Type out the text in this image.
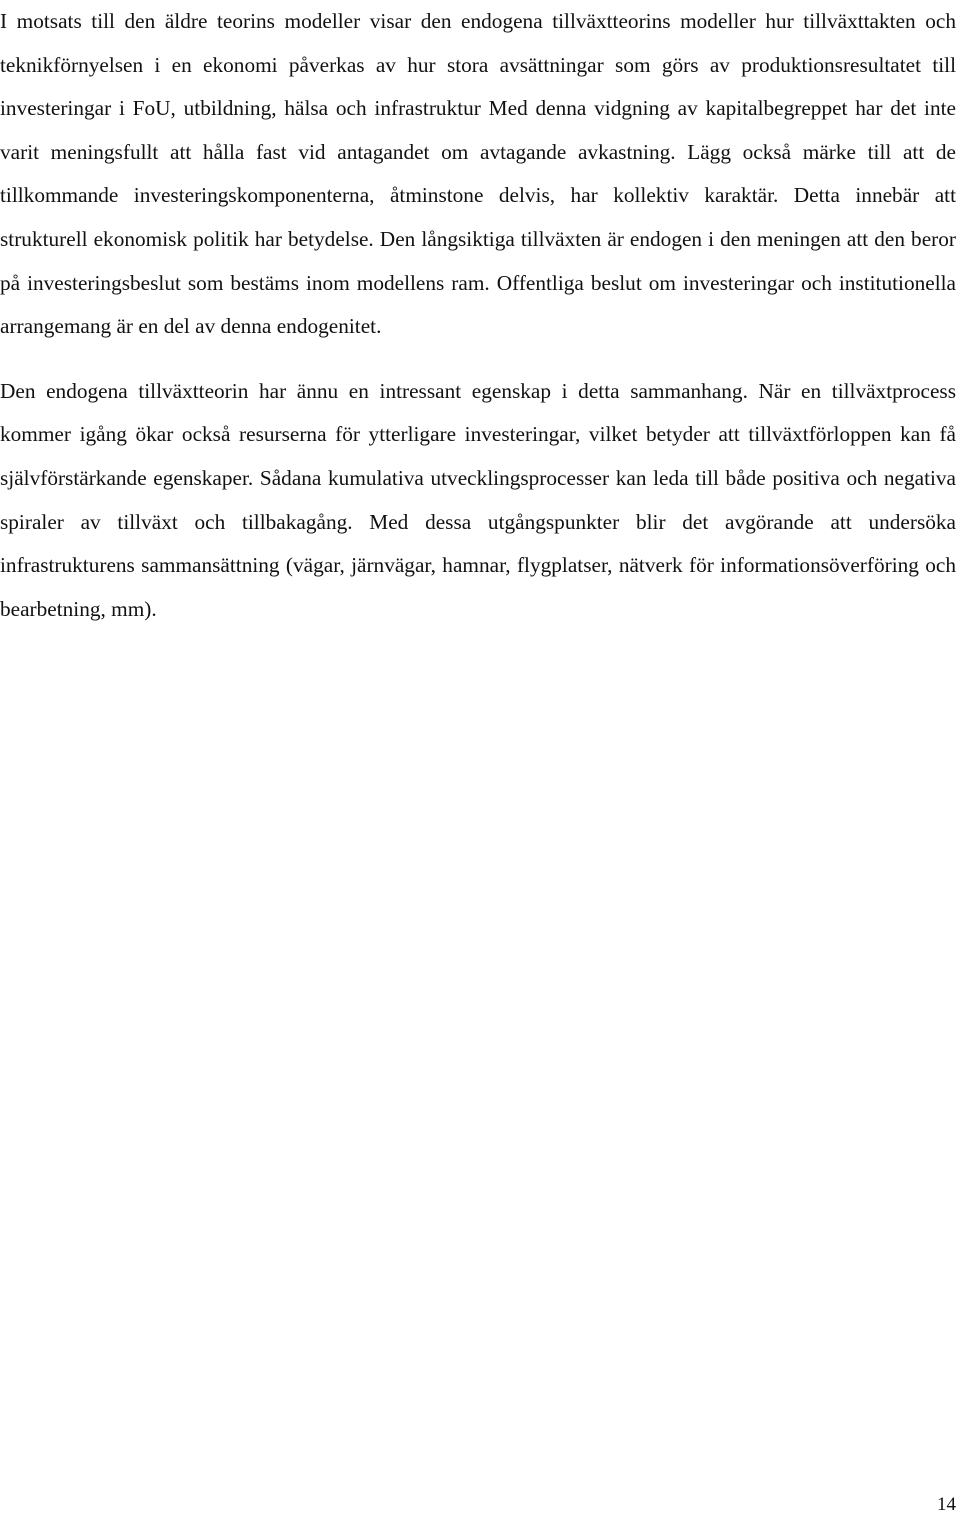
I motsats till den äldre teorins modeller visar den endogena tillväxtteorins modeller hur tillväxttakten och teknikförnyelsen i en ekonomi påverkas av hur stora avsättningar som görs av produktionsresultatet till investeringar i FoU, utbildning, hälsa och infrastruktur Med denna vidgning av kapitalbegreppet har det inte varit meningsfullt att hålla fast vid antagandet om avtagande avkastning. Lägg också märke till att de tillkommande investeringskomponenterna, åtminstone delvis, har kollektiv karaktär. Detta innebär att strukturell ekonomisk politik har betydelse. Den långsiktiga tillväxten är endogen i den meningen att den beror på investeringsbeslut som bestäms inom modellens ram. Offentliga beslut om investeringar och institutionella arrangemang är en del av denna endogenitet.

Den endogena tillväxtteorin har ännu en intressant egenskap i detta sammanhang. När en tillväxtprocess kommer igång ökar också resurserna för ytterligare investeringar, vilket betyder att tillväxtförloppen kan få självförstärkande egenskaper. Sådana kumulativa utvecklingsprocesser kan leda till både positiva och negativa spiraler av tillväxt och tillbakagång. Med dessa utgångspunkter blir det avgörande att undersöka infrastrukturens sammansättning (vägar, järnvägar, hamnar, flygplatser, nätverk för informationsöverföring och bearbetning, mm).

14
